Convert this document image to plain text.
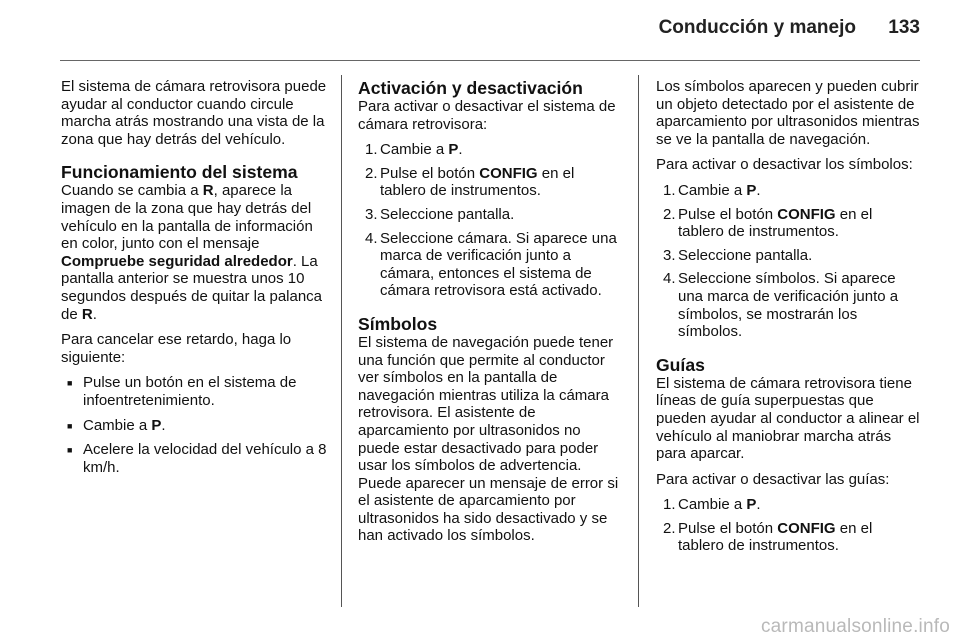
Conducción y manejo 133

El sistema de cámara retrovisora puede ayudar al conductor cuando circule marcha atrás mostrando una vista de la zona que hay detrás del vehículo.

Funcionamiento del sistema

Cuando se cambia a R, aparece la imagen de la zona que hay detrás del vehículo en la pantalla de información en color, junto con el mensaje Compruebe seguridad alrededor. La pantalla anterior se muestra unos 10 segundos después de quitar la palanca de R.

Para cancelar ese retardo, haga lo siguiente:

■ Pulse un botón en el sistema de infoentretenimiento.
■ Cambie a P.
■ Acelere la velocidad del vehículo a 8 km/h.
Activación y desactivación

Para activar o desactivar el sistema de cámara retrovisora:

1. Cambie a P.
2. Pulse el botón CONFIG en el tablero de instrumentos.
3. Seleccione pantalla.
4. Seleccione cámara. Si aparece una marca de verificación junto a cámara, entonces el sistema de cámara retrovisora está activado.
Símbolos

El sistema de navegación puede tener una función que permite al conductor ver símbolos en la pantalla de navegación mientras utiliza la cámara retrovisora. El asistente de aparcamiento por ultrasonidos no puede estar desactivado para poder usar los símbolos de advertencia. Puede aparecer un mensaje de error si el asistente de aparcamiento por ultrasonidos ha sido desactivado y se han activado los símbolos.

Los símbolos aparecen y pueden cubrir un objeto detectado por el asistente de aparcamiento por ultrasonidos mientras se ve la pantalla de navegación.

Para activar o desactivar los símbolos:

1. Cambie a P.
2. Pulse el botón CONFIG en el tablero de instrumentos.
3. Seleccione pantalla.
4. Seleccione símbolos. Si aparece una marca de verificación junto a símbolos, se mostrarán los símbolos.
Guías

El sistema de cámara retrovisora tiene líneas de guía superpuestas que pueden ayudar al conductor a alinear el vehículo al maniobrar marcha atrás para aparcar.

Para activar o desactivar las guías:

1. Cambie a P.
2. Pulse el botón CONFIG en el tablero de instrumentos.
carmanualsonline.info
